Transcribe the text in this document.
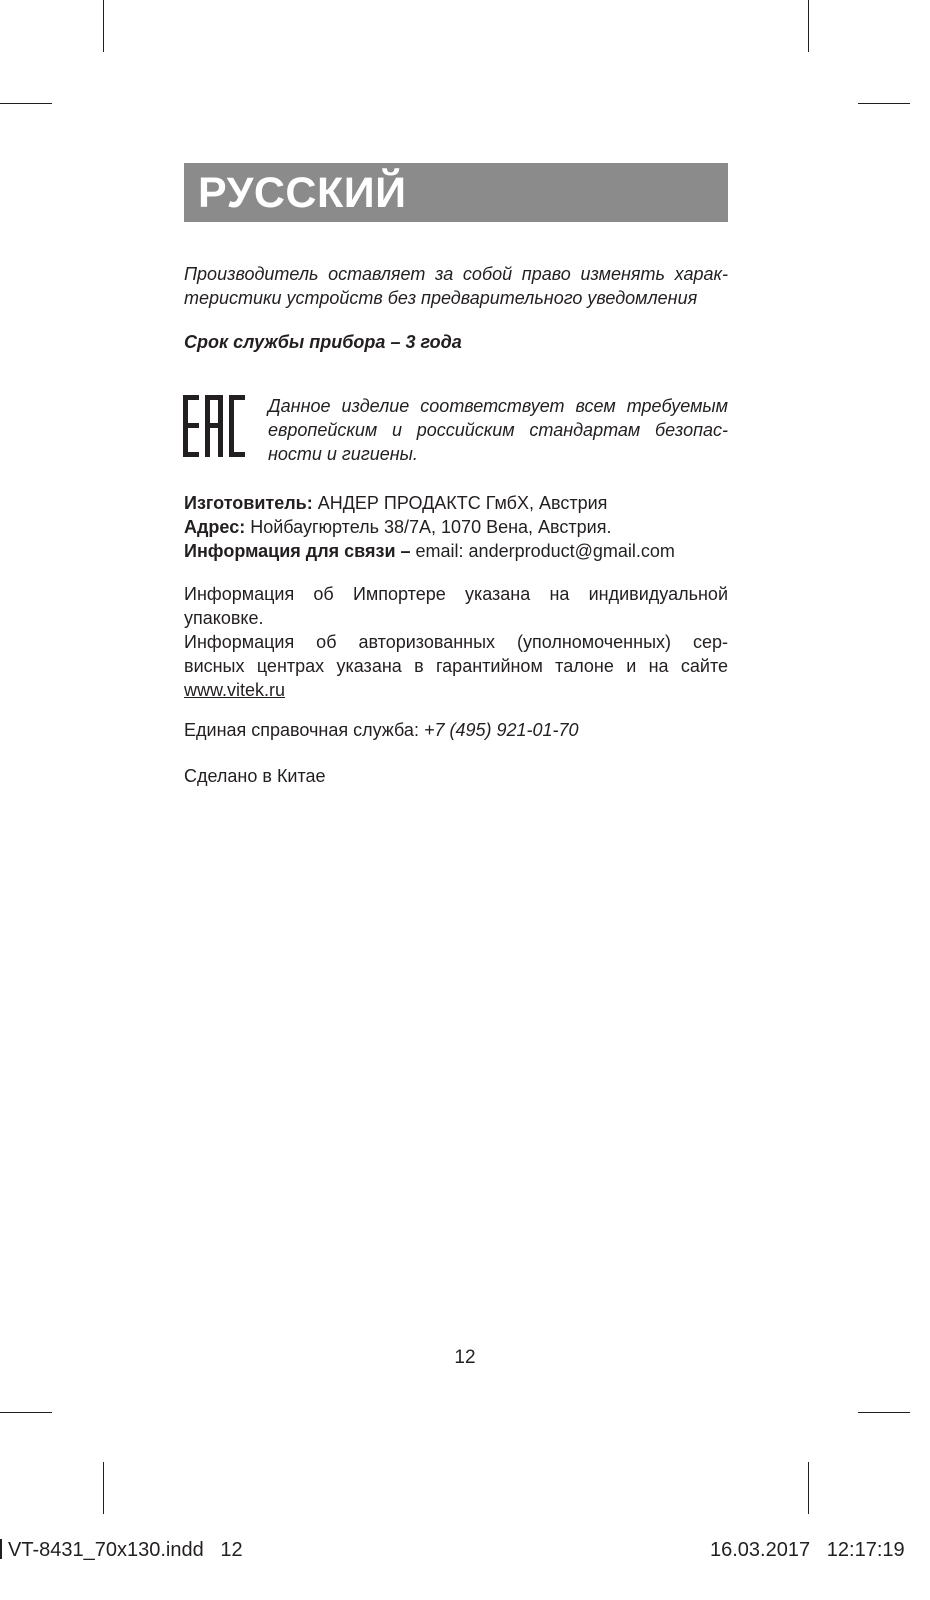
РУССКИЙ

Производитель оставляет за собой право изменять харак-
теристики устройств без предварительного уведомления

Срок службы прибора – 3 года

Данное изделие соответствует всем требуемым
европейским и российским стандартам безопас-
ности и гигиены.

Изготовитель: АНДЕР ПРОДАКТС ГмбХ, Австрия
Адрес: Нойбаугюртель 38/7А, 1070 Вена, Австрия.
Информация для связи – email: anderproduct@gmail.com
Информация об Импортере указана на индивидуальной
упаковке.
Информация об авторизованных (уполномоченных) сер-
висных центрах указана в гарантийном талоне и на сайте
www.vitek.ru

Единая справочная служба: +7 (495) 921-01-70

Сделано в Китае

12
VT-8431_70x130.indd   12	16.03.2017   12:17:19
